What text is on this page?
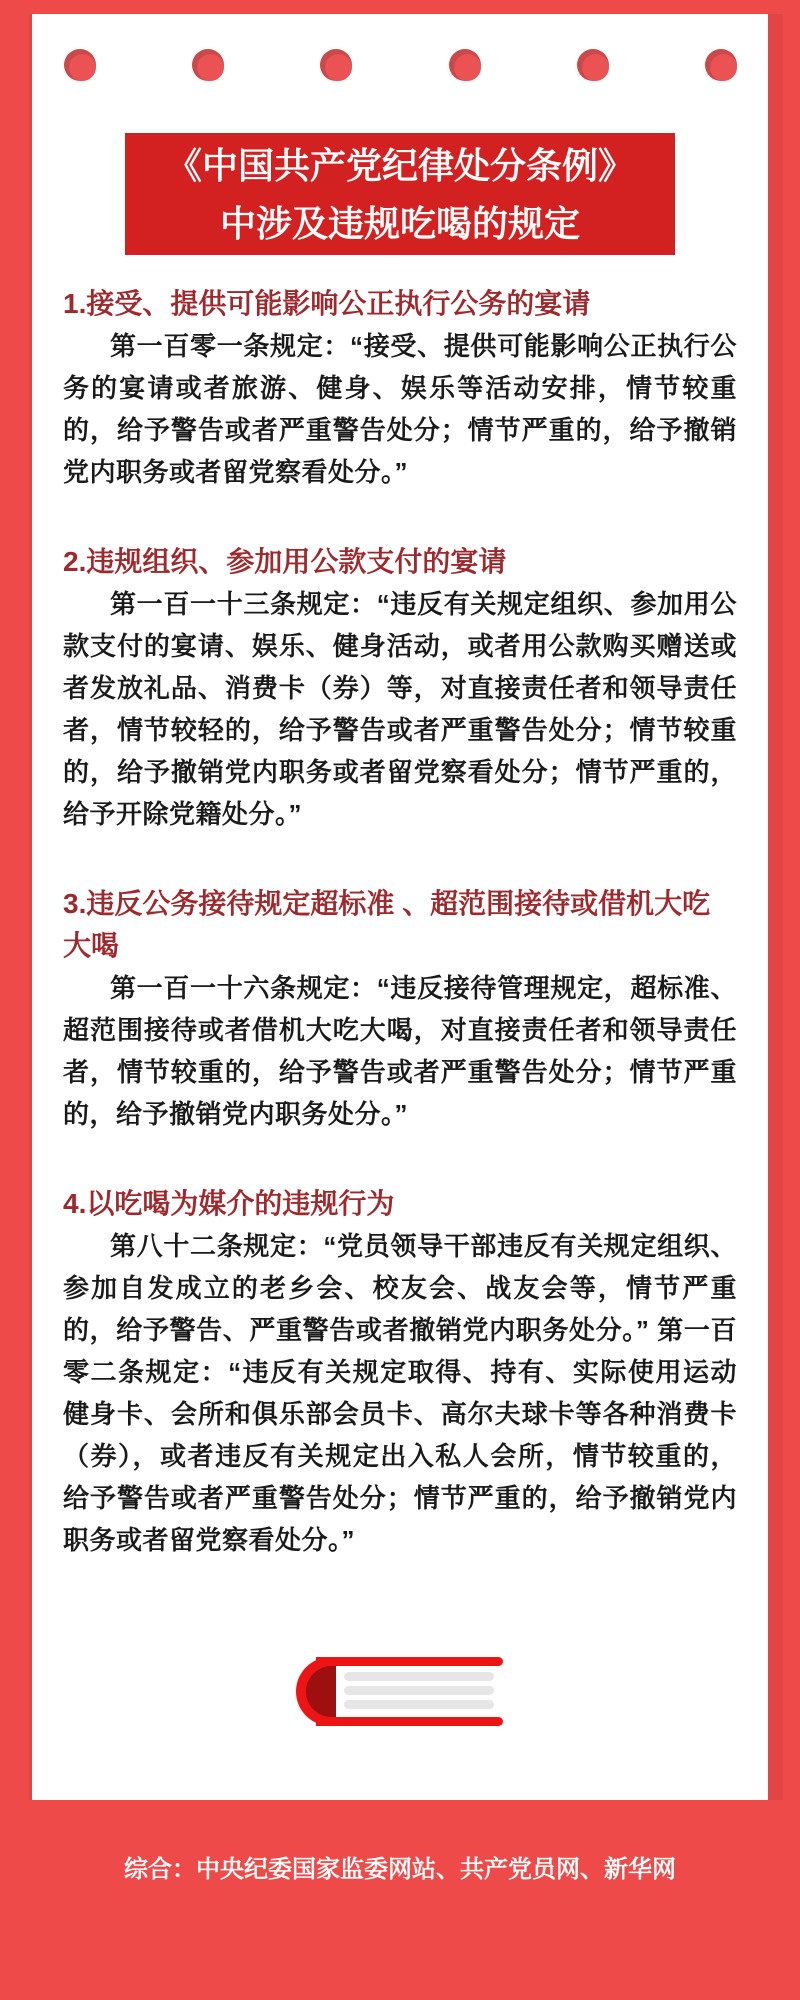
《中国共产党纪律处分条例》
中涉及违规吃喝的规定
1.接受、提供可能影响公正执行公务的宴请

第一百零一条规定：“接受、提供可能影响公正执行公务的宴请或者旅游、健身、娱乐等活动安排，情节较重的，给予警告或者严重警告处分；情节严重的，给予撤销党内职务或者留党察看处分。”

2.违规组织、参加用公款支付的宴请

第一百一十三条规定：“违反有关规定组织、参加用公款支付的宴请、娱乐、健身活动，或者用公款购买赠送或者发放礼品、消费卡（券）等，对直接责任者和领导责任者，情节较轻的，给予警告或者严重警告处分；情节较重的，给予撤销党内职务或者留党察看处分；情节严重的，给予开除党籍处分。”

3.违反公务接待规定超标准 、超范围接待或借机大吃大喝

第一百一十六条规定：“违反接待管理规定，超标准、超范围接待或者借机大吃大喝，对直接责任者和领导责任者，情节较重的，给予警告或者严重警告处分；情节严重的，给予撤销党内职务处分。”

4.以吃喝为媒介的违规行为

第八十二条规定：“党员领导干部违反有关规定组织、参加自发成立的老乡会、校友会、战友会等，情节严重的，给予警告、严重警告或者撤销党内职务处分。” 第一百零二条规定：“违反有关规定取得、持有、实际使用运动健身卡、会所和俱乐部会员卡、高尔夫球卡等各种消费卡（券），或者违反有关规定出入私人会所，情节较重的，给予警告或者严重警告处分；情节严重的，给予撤销党内职务或者留党察看处分。”

综合：中央纪委国家监委网站、共产党员网、新华网
